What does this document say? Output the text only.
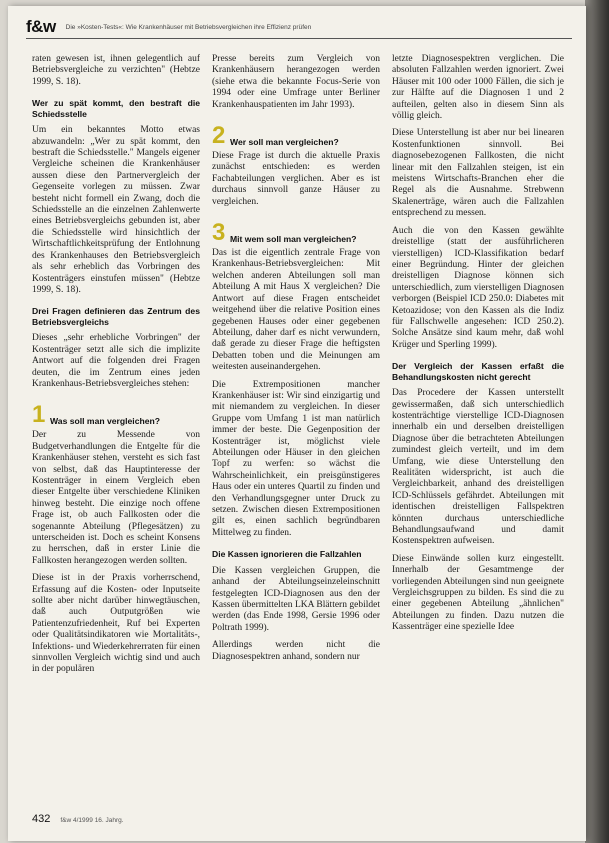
f&w Die »Kosten-Tests«: Wie Krankenhäuser mit Betriebsvergleichen ihre Effizienz prüfen

raten gewesen ist, ihnen gelegentlich auf Betriebsvergleiche zu verzichten" (Hebtze 1999, S. 18).

Wer zu spät kommt, den bestraft die Schiedsstelle

Um ein bekanntes Motto etwas abzuwandeln: „Wer zu spät kommt, den bestraft die Schiedsstelle." Mangels eigener Vergleiche scheinen die Krankenhäuser aussen diese den Partnervergleich der Gegenseite vorlegen zu müssen. Zwar besteht nicht formell ein Zwang, doch die Schiedsstelle an die einzelnen Zahlenwerte eines Betriebsvergleichs gebunden ist, aber die Schiedsstelle wird hinsichtlich der Wirtschaftlichkeitsprüfung der Entlohnung des Krankenhauses den Betriebsvergleich als sehr erheblich das Vorbringen des Kostenträgers einstufen müssen" (Hebtze 1999, S. 18).

Drei Fragen definieren das Zentrum des Betriebsvergleichs

Dieses „sehr erhebliche Vorbringen" der Kostenträger setzt alle sich die implizite Antwort auf die folgenden drei Fragen deuten, die im Zentrum eines jeden Krankenhaus-Betriebsvergleiches stehen:

1 Was soll man vergleichen?

Der zu Messende von Budgetverhandlungen die Entgelte für die Krankenhäuser stehen, versteht es sich fast von selbst, daß das Hauptinteresse der Kostenträger in einem Vergleich eben dieser Entgelte über verschiedene Kliniken hinweg besteht. Die einzige noch offene Frage ist, ob auch Fallkosten oder die sogenannte Abteilung (Pflegesätzen) zu unterscheiden ist. Doch es scheint Konsens zu herrschen, daß in erster Linie die Fallkosten herangezogen werden sollten.

Diese ist in der Praxis vorherrschend, Erfassung auf die Kosten- oder Inputseite sollte aber nicht darüber hinwegtäuschen, daß auch Outputgrößen wie Patientenzufriedenheit, Ruf bei Experten oder Qualitätsindikatoren wie Mortalitäts-, Infektions- und Wiederkehrerraten für einen sinnvollen Vergleich wichtig sind und auch in der populären

Presse bereits zum Vergleich von Krankenhäusern herangezogen werden (siehe etwa die bekannte Focus-Serie von 1994 oder eine Umfrage unter Berliner Krankenhauspatienten im Jahr 1993).

2 Wer soll man vergleichen?

Diese Frage ist durch die aktuelle Praxis zunächst entschieden: es werden Fachabteilungen verglichen. Aber es ist durchaus sinnvoll ganze Häuser zu vergleichen.

3 Mit wem soll man vergleichen?

Das ist die eigentlich zentrale Frage von Krankenhaus-Betriebsvergleichen: Mit welchen anderen Abteilungen soll man Abteilung A mit Haus X vergleichen? Die Antwort auf diese Fragen entscheidet weitgehend über die relative Position eines gegebenen Hauses oder einer gegebenen Abteilung, daher darf es nicht verwundern, daß gerade zu dieser Frage die heftigsten Debatten toben und die Meinungen am weitesten auseinandergehen.

Die Extrempositionen mancher Krankenhäuser ist: Wir sind einzigartig und mit niemandem zu vergleichen. In dieser Gruppe vom Umfang 1 ist man natürlich immer der beste. Die Gegenposition der Kostenträger ist, möglichst viele Abteilungen oder Häuser in den gleichen Topf zu werfen: so wächst die Wahrscheinlichkeit, ein preisgünstigeres Haus oder ein unteres Quartil zu finden und den Verhandlungsgegner unter Druck zu setzen. Zwischen diesen Extrempositionen gilt es, einen sachlich begründbaren Mittelweg zu finden.

Die Kassen ignorieren die Fallzahlen

Die Kassen vergleichen Gruppen, die anhand der Abteilungseinzeleinschnitt festgelegten ICD-Diagnosen aus den der Kassen übermittelten LKA Blättern gebildet werden (das Ende 1998, Gersie 1996 oder Poltrath 1999).

Allerdings werden nicht die Diagnosespektren anhand, sondern nur

letzte Diagnosespektren verglichen. Die absoluten Fallzahlen werden ignoriert. Zwei Häuser mit 100 oder 1000 Fällen, die sich je zur Hälfte auf die Diagnosen 1 und 2 aufteilen, gelten also in diesem Sinn als völlig gleich.

Diese Unterstellung ist aber nur bei linearen Kostenfunktionen sinnvoll. Bei diagnosebezogenen Fallkosten, die nicht linear mit den Fallzahlen steigen, ist ein meistens Wirtschafts-Branchen eher die Regel als die Ausnahme. Strebwenn Skalenerträge, wären auch die Fallzahlen entsprechend zu messen.

Auch die von den Kassen gewählte dreistellige (statt der ausführlicheren vierstelligen) ICD-Klassifikation bedarf einer Begründung. Hinter der gleichen dreistelligen Diagnose können sich unterschiedlich, zum vierstelligen Diagnosen verborgen (Beispiel ICD 250.0: Diabetes mit Ketoazidose; von den Kassen als die Indiz für Fallschwelle angesehen: ICD 250.2). Solche Ansätze sind kaum mehr, daß wohl Krüger und Sperling 1999).

Der Vergleich der Kassen erfaßt die Behandlungskosten nicht gerecht

Das Procedere der Kassen unterstellt gewissermaßen, daß sich unterschiedlich kostenträchtige vierstellige ICD-Diagnosen innerhalb ein und derselben dreistelligen Diagnose über die betrachteten Abteilungen zumindest gleich verteilt, und im dem Umfang, wie diese Unterstellung den Realitäten widerspricht, ist auch die Vergleichbarkeit, anhand des dreistelligen ICD-Schlüssels gefährdet. Abteilungen mit identischen dreistelligen Fallspektren könnten durchaus unterschiedliche Behandlungsaufwand und damit Kostenspektren aufweisen.

Diese Einwände sollen kurz eingestellt. Innerhalb der Gesamtmenge der vorliegenden Abteilungen sind nun geeignete Vergleichsgruppen zu bilden. Es sind die zu einer gegebenen Abteilung „ähnlichen" Abteilungen zu finden. Dazu nutzen die Kassenträger eine spezielle Idee

432 f&w 4/1999 16. Jahrg.
